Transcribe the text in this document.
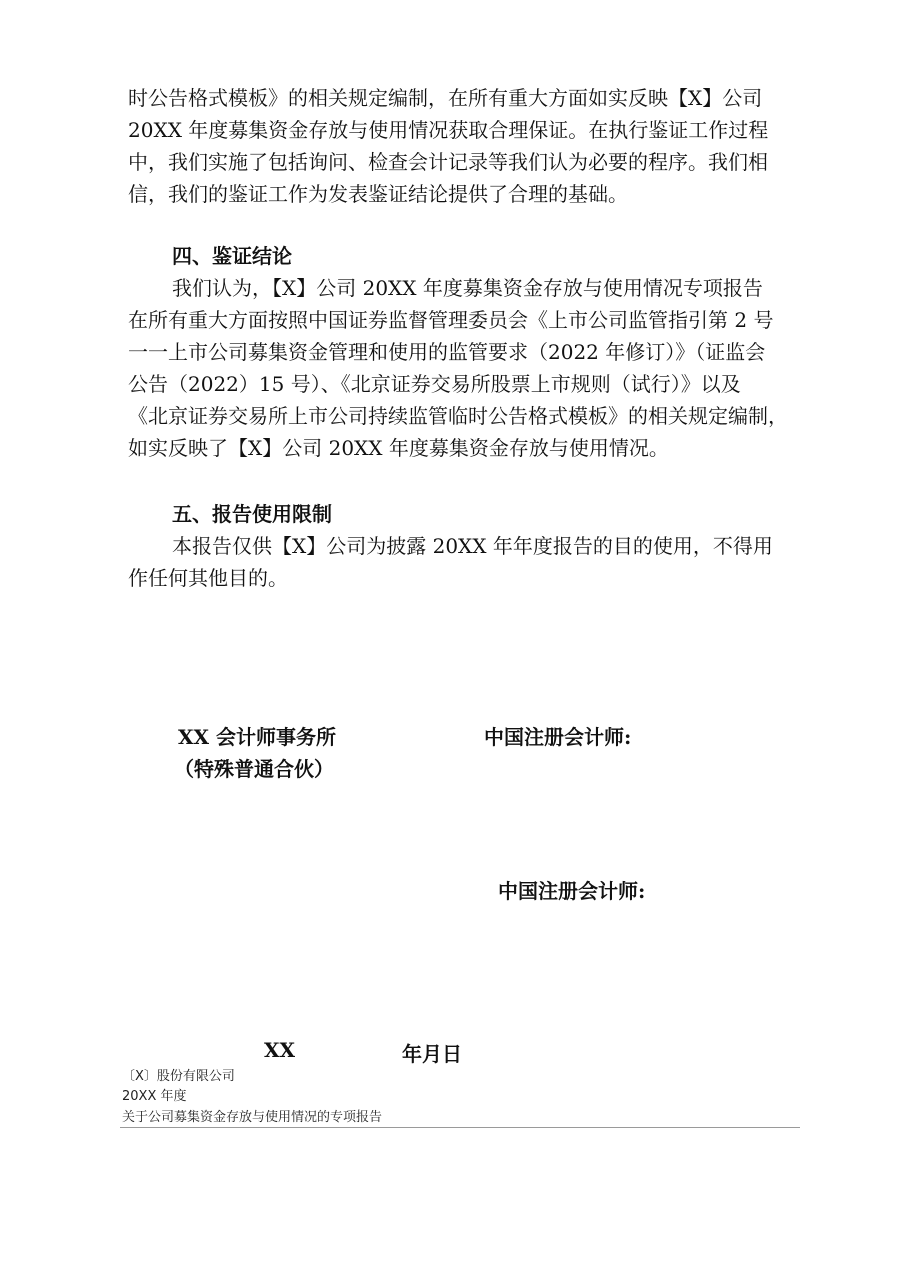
时公告格式模板》的相关规定编制，在所有重大方面如实反映【X】公司
20XX 年度募集资金存放与使用情况获取合理保证。在执行鉴证工作过程
中，我们实施了包括询问、检查会计记录等我们认为必要的程序。我们相
信，我们的鉴证工作为发表鉴证结论提供了合理的基础。
四、鉴证结论
我们认为，【X】公司 20XX 年度募集资金存放与使用情况专项报告
在所有重大方面按照中国证券监督管理委员会《上市公司监管指引第 2 号
一一上市公司募集资金管理和使用的监管要求（2022 年修订）》（证监会
公告（2022）15 号）、《北京证券交易所股票上市规则（试行）》以及
《北京证券交易所上市公司持续监管临时公告格式模板》的相关规定编制，
如实反映了【X】公司 20XX 年度募集资金存放与使用情况。
五、报告使用限制
本报告仅供【X】公司为披露 20XX 年年度报告的目的使用，不得用
作任何其他目的。
XX 会计师事务所
（特殊普通合伙）
中国注册会计师:
中国注册会计师:
XX	年月日
〔X〕股份有限公司
20XX 年度
关于公司募集资金存放与使用情况的专项报告
